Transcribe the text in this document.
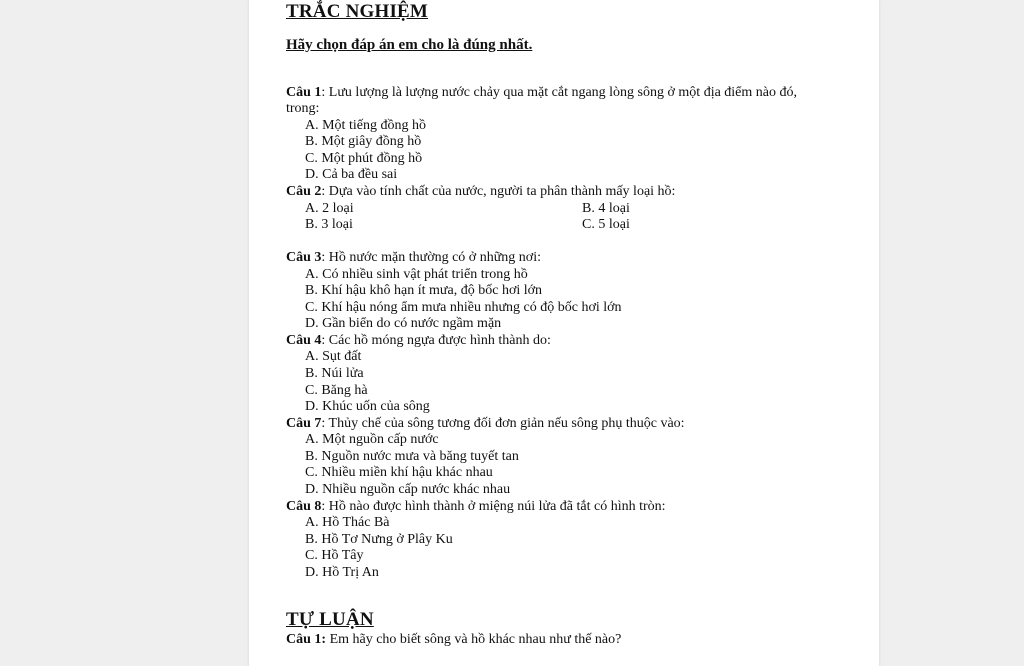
TRẮC NGHIỆM
Hãy chọn đáp án em cho là đúng nhất.
Câu 1: Lưu lượng là lượng nước chảy qua mặt cắt ngang lòng sông ở một địa điểm nào đó,
trong:
A. Một tiếng đồng hồ
B. Một giây đồng hồ
C. Một phút đồng hồ
D. Cả ba đều sai
Câu 2: Dựa vào tính chất của nước, người ta phân thành mấy loại hồ:
A. 2 loại	B. 4 loại
B. 3 loại	C. 5 loại
Câu 3: Hồ nước mặn thường có ở những nơi:
A. Có nhiều sinh vật phát triển trong hồ
B. Khí hậu khô hạn ít mưa, độ bốc hơi lớn
C. Khí hậu nóng ẩm mưa nhiều nhưng có độ bốc hơi lớn
D. Gần biển do có nước ngầm mặn
Câu 4: Các hồ móng ngựa được hình thành do:
A. Sụt đất
B. Núi lửa
C. Băng hà
D. Khúc uốn của sông
Câu 7: Thủy chế của sông tương đối đơn giản nếu sông phụ thuộc vào:
A. Một nguồn cấp nước
B. Nguồn nước mưa và băng tuyết tan
C. Nhiều miền khí hậu khác nhau
D. Nhiều nguồn cấp nước khác nhau
Câu 8: Hồ nào được hình thành ở miệng núi lửa đã tắt có hình tròn:
A. Hồ Thác Bà
B. Hồ Tơ Nưng ở Plây Ku
C. Hồ Tây
D. Hồ Trị An
TỰ LUẬN
Câu 1: Em hãy cho biết sông và hồ khác nhau như thế nào?
